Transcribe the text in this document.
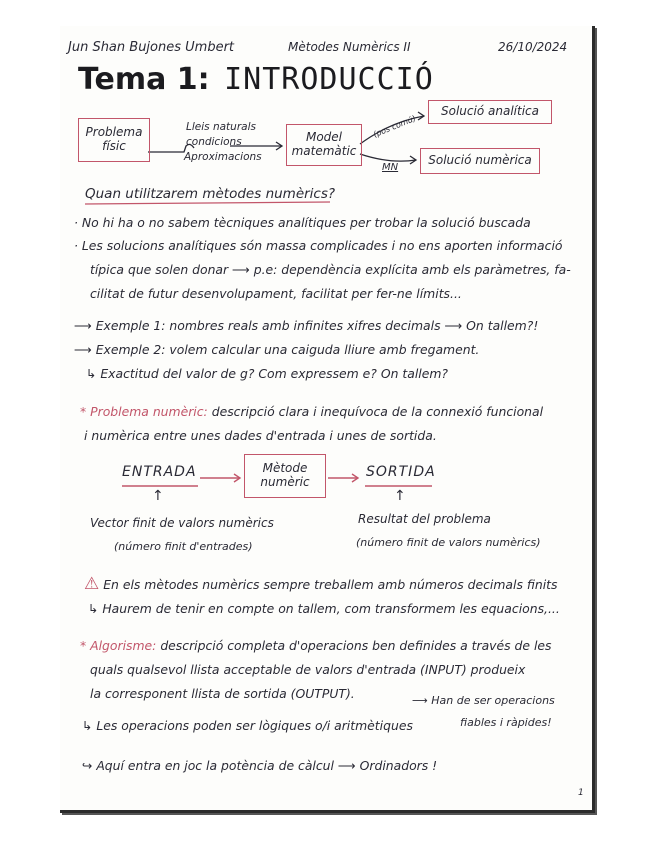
Jun Shan Bujones Umbert	Mètodes Numèrics II	26/10/2024
Tema 1: INTRODUCCIÓ
Problema
físic
Lleis naturals
condicions
Aproximacions
Model
matemàtic
(pos comú)
MN
Solució analítica
Solució numèrica
Quan utilitzarem mètodes numèrics?
· No hi ha o no sabem tècniques analítiques per trobar la solució buscada
· Les solucions analítiques són massa complicades i no ens aporten informació
típica que solen donar ⟶ p.e: dependència explícita amb els paràmetres, fa-
cilitat de futur desenvolupament, facilitat per fer-ne límits...
⟶ Exemple 1: nombres reals amb infinites xifres decimals ⟶ On tallem?!
⟶ Exemple 2: volem calcular una caiguda lliure amb fregament.
↳ Exactitud del valor de g? Com expressem e? On tallem?
* Problema numèric: descripció clara i inequívoca de la connexió funcional
i numèrica entre unes dades d'entrada i unes de sortida.
ENTRADA	Mètode
numèric
SORTIDA
↑	↑
Vector finit de valors numèrics
(número finit d'entrades)
Resultat del problema
(número finit de valors numèrics)
⚠ En els mètodes numèrics sempre treballem amb números decimals finits
↳ Haurem de tenir en compte on tallem, com transformem les equacions,...
* Algorisme: descripció completa d'operacions ben definides a través de les
quals qualsevol llista acceptable de valors d'entrada (INPUT) produeix
la corresponent llista de sortida (OUTPUT).	⟶ Han de ser operacions
fiables i ràpides!
↳ Les operacions poden ser lògiques o/i aritmètiques
↪ Aquí entra en joc la potència de càlcul ⟶ Ordinadors !
1
